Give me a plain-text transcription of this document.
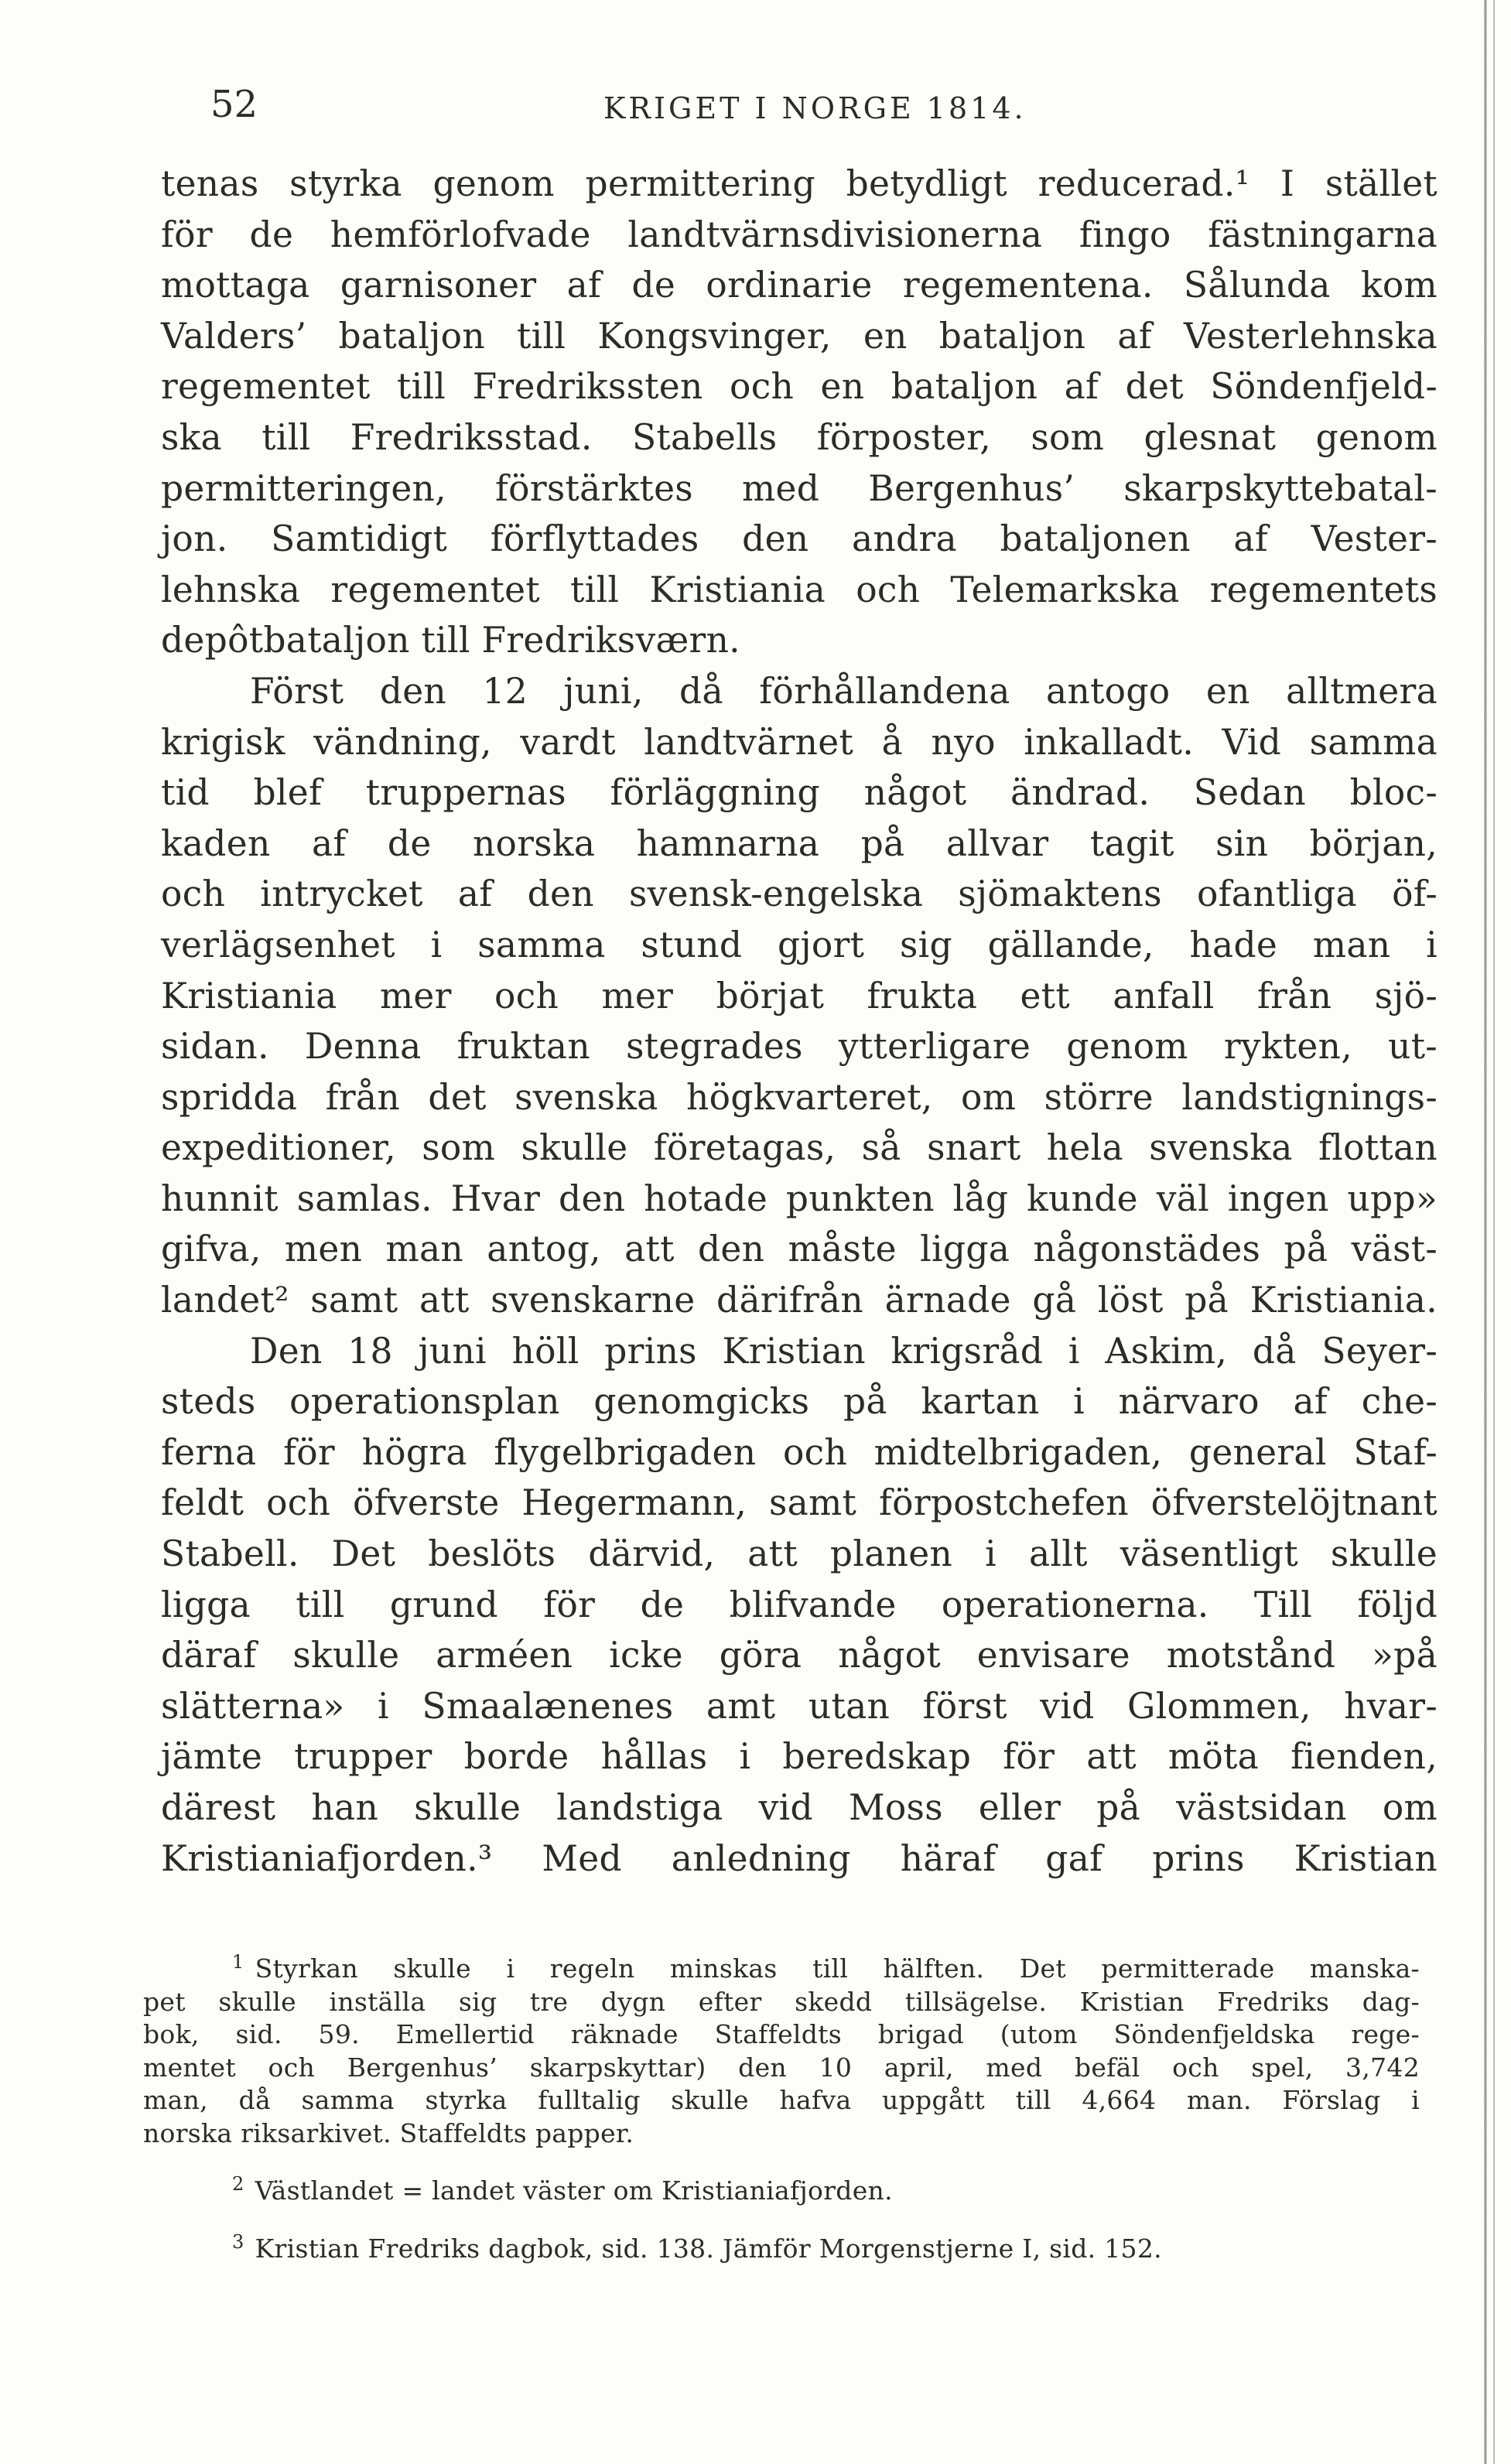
52	KRIGET I NORGE 1814.
tenas styrka genom permittering betydligt reducerad.¹ I stället
för de hemförlofvade landtvärnsdivisionerna fingo fästningarna
mottaga garnisoner af de ordinarie regementena. Sålunda kom
Valders’ bataljon till Kongsvinger, en bataljon af Vesterlehnska
regementet till Fredrikssten och en bataljon af det Söndenfjeld-
ska till Fredriksstad. Stabells förposter, som glesnat genom
permitteringen, förstärktes med Bergenhus’ skarpskyttebatal-
jon. Samtidigt förflyttades den andra bataljonen af Vester-
lehnska regementet till Kristiania och Telemarkska regementets
depôtbataljon till Fredriksværn.
Först den 12 juni, då förhållandena antogo en alltmera
krigisk vändning, vardt landtvärnet å nyo inkalladt. Vid samma
tid blef truppernas förläggning något ändrad. Sedan bloc-
kaden af de norska hamnarna på allvar tagit sin början,
och intrycket af den svensk-engelska sjömaktens ofantliga öf-
verlägsenhet i samma stund gjort sig gällande, hade man i
Kristiania mer och mer börjat frukta ett anfall från sjö-
sidan. Denna fruktan stegrades ytterligare genom rykten, ut-
spridda från det svenska högkvarteret, om större landstignings-
expeditioner, som skulle företagas, så snart hela svenska flottan
hunnit samlas. Hvar den hotade punkten låg kunde väl ingen upp»
gifva, men man antog, att den måste ligga någonstädes på väst-
landet² samt att svenskarne därifrån ärnade gå löst på Kristiania.
Den 18 juni höll prins Kristian krigsråd i Askim, då Seyer-
steds operationsplan genomgicks på kartan i närvaro af che-
ferna för högra flygelbrigaden och midtelbrigaden, general Staf-
feldt och öfverste Hegermann, samt förpostchefen öfverstelöjtnant
Stabell. Det beslöts därvid, att planen i allt väsentligt skulle
ligga till grund för de blifvande operationerna. Till följd
däraf skulle arméen icke göra något envisare motstånd »på
slätterna» i Smaalænenes amt utan först vid Glommen, hvar-
jämte trupper borde hållas i beredskap för att möta fienden,
därest han skulle landstiga vid Moss eller på västsidan om
Kristianiafjorden.³ Med anledning häraf gaf prins Kristian
$^1$ Styrkan skulle i regeln minskas till hälften. Det permitterade manska-
pet skulle inställa sig tre dygn efter skedd tillsägelse. Kristian Fredriks dag-
bok, sid. 59. Emellertid räknade Staffeldts brigad (utom Söndenfjeldska rege-
mentet och Bergenhus’ skarpskyttar) den 10 april, med befäl och spel, 3,742
man, då samma styrka fulltalig skulle hafva uppgått till 4,664 man. Förslag i
norska riksarkivet. Staffeldts papper.
$^2$ Västlandet = landet väster om Kristianiafjorden.
$^3$ Kristian Fredriks dagbok, sid. 138. Jämför Morgenstjerne I, sid. 152.
